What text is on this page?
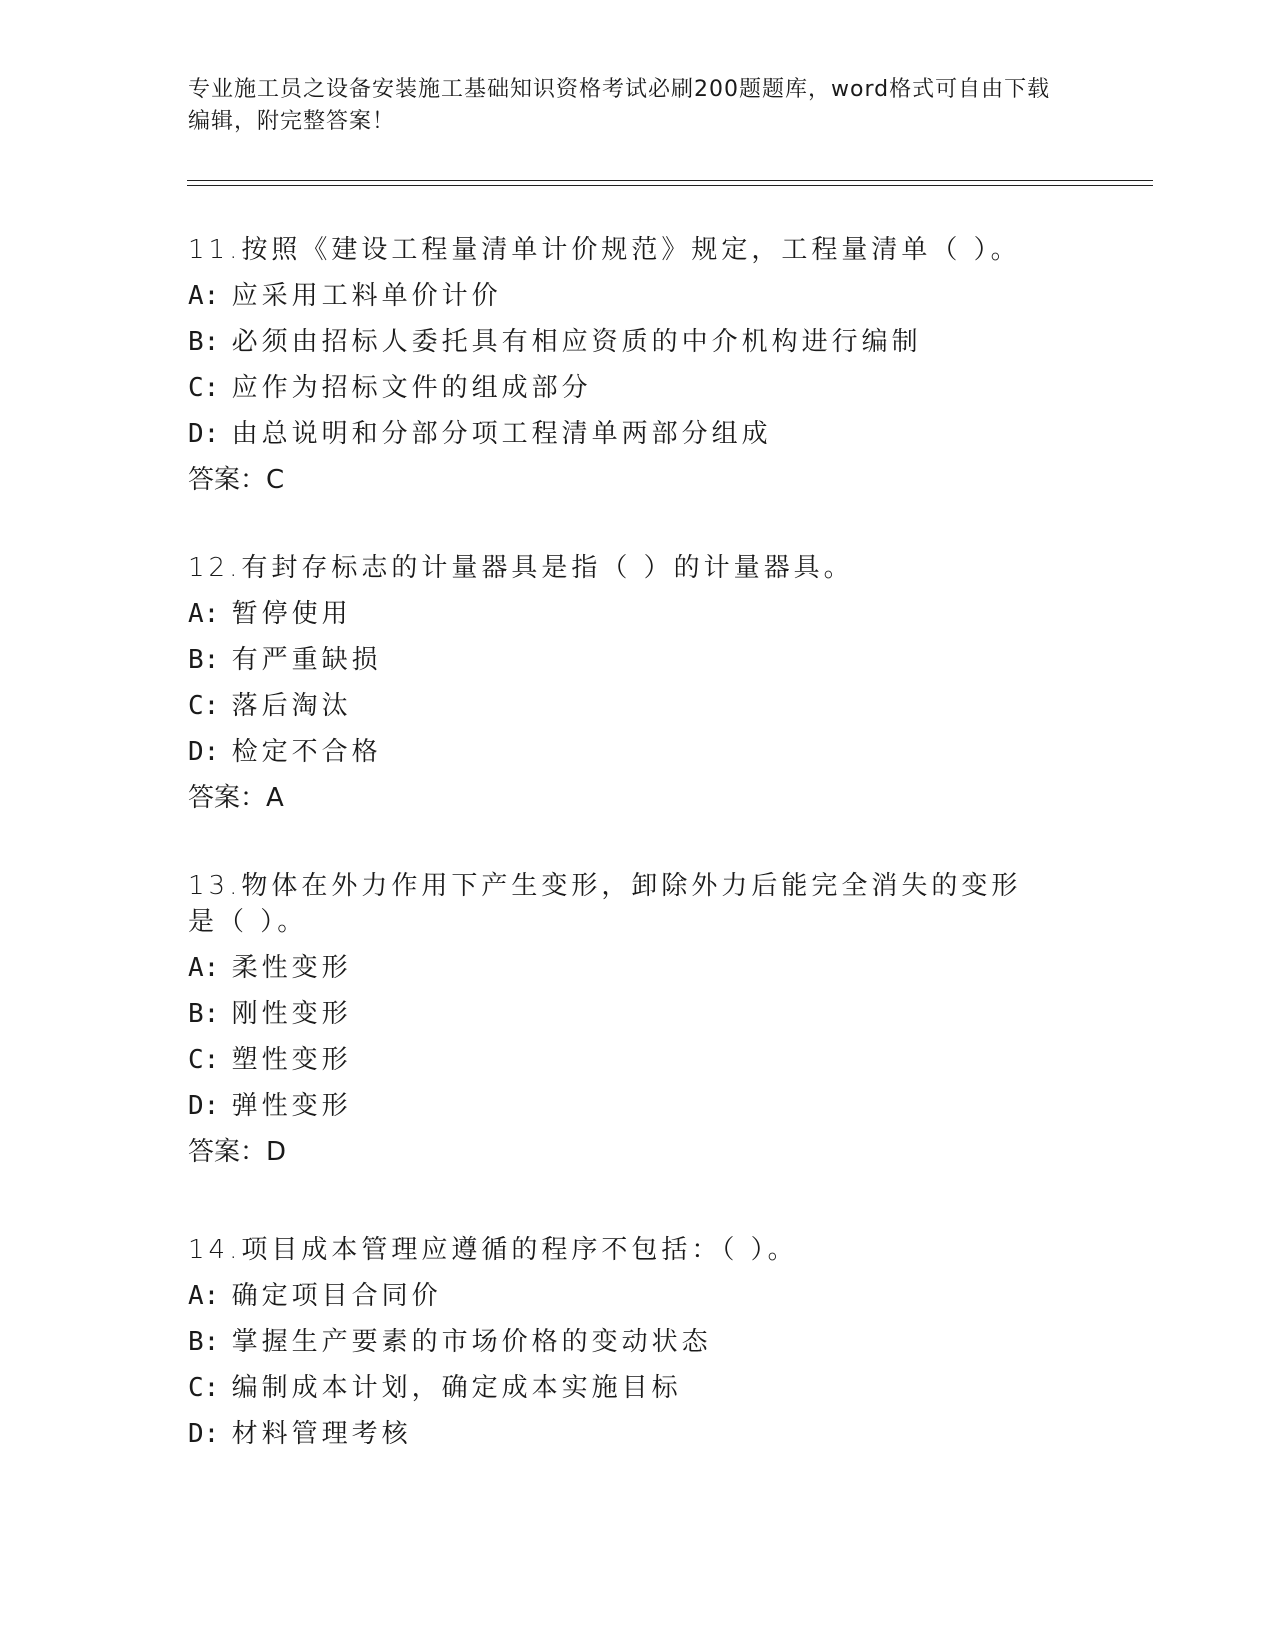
专业施工员之设备安装施工基础知识资格考试必刷200题题库，word格式可自由下载编辑，附完整答案！

11.按照《建设工程量清单计价规范》规定，工程量清单（ ）。

A: 应采用工料单价计价

B: 必须由招标人委托具有相应资质的中介机构进行编制

C: 应作为招标文件的组成部分

D: 由总说明和分部分项工程清单两部分组成

答案：C

12.有封存标志的计量器具是指（ ）的计量器具。

A: 暂停使用

B: 有严重缺损

C: 落后淘汰

D: 检定不合格

答案：A

13.物体在外力作用下产生变形，卸除外力后能完全消失的变形是（ ）。

A: 柔性变形

B: 刚性变形

C: 塑性变形

D: 弹性变形

答案：D

14.项目成本管理应遵循的程序不包括：（ ）。

A: 确定项目合同价

B: 掌握生产要素的市场价格的变动状态

C: 编制成本计划，确定成本实施目标

D: 材料管理考核
